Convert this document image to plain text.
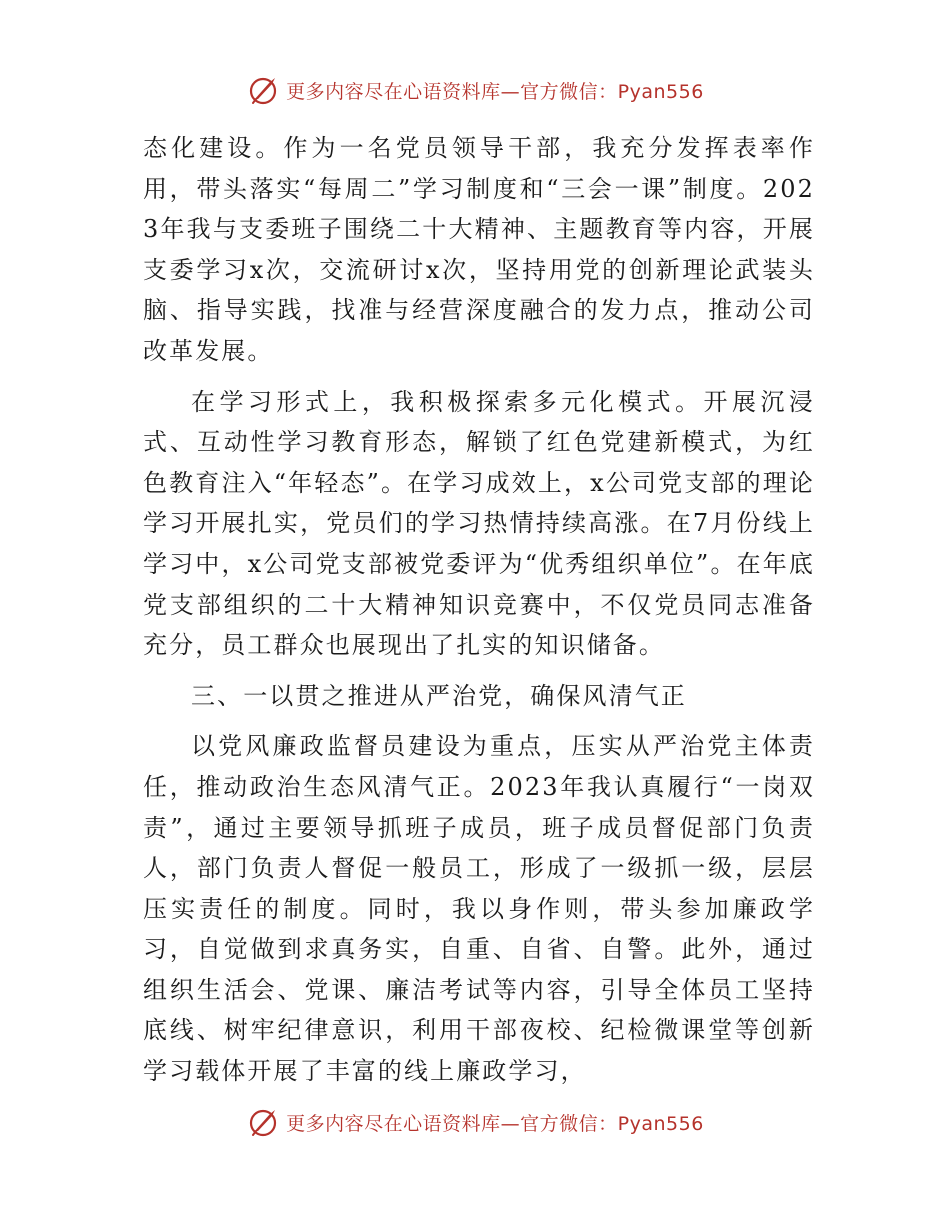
更多内容尽在心语资料库—官方微信：Pyan556

态化建设。作为一名党员领导干部，我充分发挥表率作用，带头落实“每周二”学习制度和“三会一课”制度。2023年我与支委班子围绕二十大精神、主题教育等内容，开展支委学习x次，交流研讨x次，坚持用党的创新理论武装头脑、指导实践，找准与经营深度融合的发力点，推动公司改革发展。

在学习形式上，我积极探索多元化模式。开展沉浸式、互动性学习教育形态，解锁了红色党建新模式，为红色教育注入“年轻态”。在学习成效上，x公司党支部的理论学习开展扎实，党员们的学习热情持续高涨。在7月份线上学习中，x公司党支部被党委评为“优秀组织单位”。在年底党支部组织的二十大精神知识竞赛中，不仅党员同志准备充分，员工群众也展现出了扎实的知识储备。

三、一以贯之推进从严治党，确保风清气正

以党风廉政监督员建设为重点，压实从严治党主体责任，推动政治生态风清气正。2023年我认真履行“一岗双责”，通过主要领导抓班子成员，班子成员督促部门负责人，部门负责人督促一般员工，形成了一级抓一级，层层压实责任的制度。同时，我以身作则，带头参加廉政学习，自觉做到求真务实，自重、自省、自警。此外，通过组织生活会、党课、廉洁考试等内容，引导全体员工坚持底线、树牢纪律意识，利用干部夜校、纪检微课堂等创新学习载体开展了丰富的线上廉政学习，

更多内容尽在心语资料库—官方微信：Pyan556
